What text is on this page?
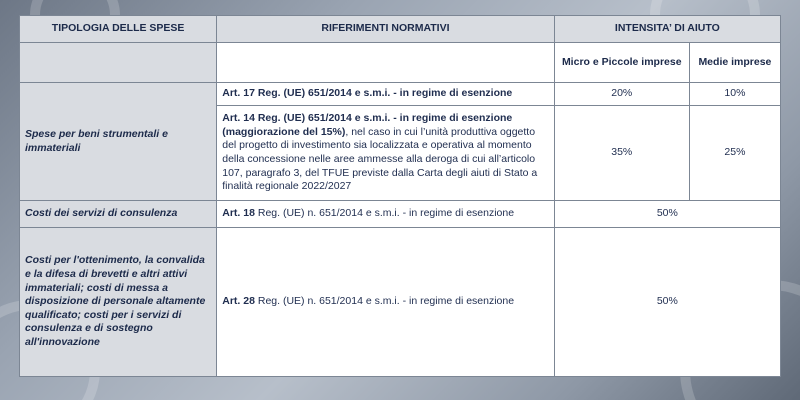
TIPOLOGIA DELLE SPESE	RIFERIMENTI NORMATIVI	INTENSITA’ DI AIUTO	
		Micro e Piccole imprese	Medie imprese
Spese per beni strumentali e immateriali	Art. 17 Reg. (UE) 651/2014 e s.m.i. - in regime di esenzione	20%	10%
	Art. 14 Reg. (UE) 651/2014 e s.m.i. - in regime di esenzione (maggiorazione del 15%), nel caso in cui l’unità produttiva oggetto del progetto di investimento sia localizzata e operativa al momento della concessione nelle aree ammesse alla deroga di cui all’articolo 107, paragrafo 3, del TFUE previste dalla Carta degli aiuti di Stato a finalità regionale 2022/2027	35%	25%
Costi dei servizi di consulenza	Art. 18 Reg. (UE) n. 651/2014 e s.m.i. - in regime di esenzione	50%	
Costi per l'ottenimento, la convalida e la difesa di brevetti e altri attivi immateriali; costi di messa a disposizione di personale altamente qualificato; costi per i servizi di consulenza e di sostegno all'innovazione	Art. 28 Reg. (UE) n. 651/2014 e s.m.i. - in regime di esenzione	50%	
